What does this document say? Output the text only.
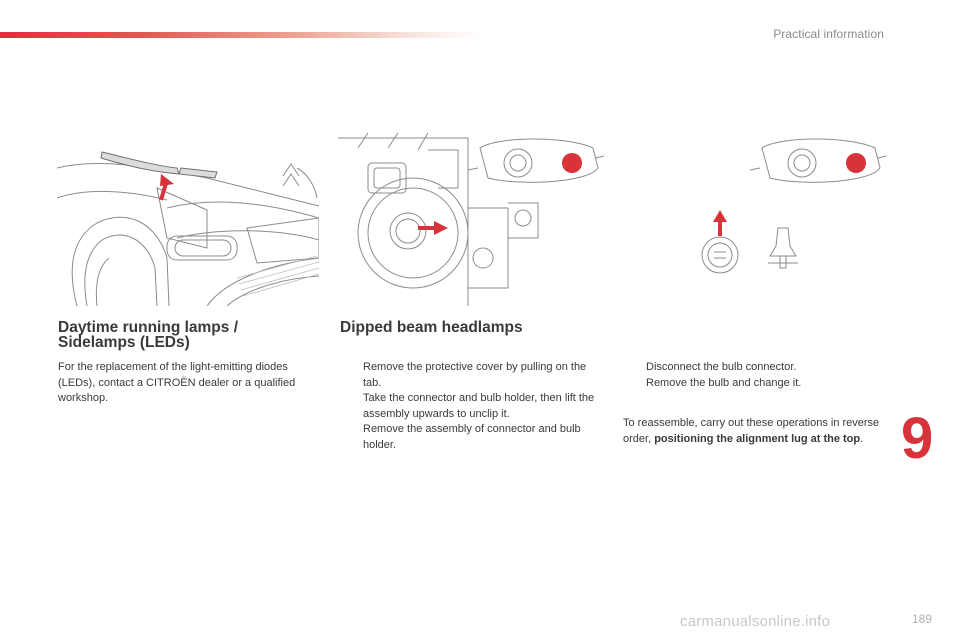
Practical information
Daytime running lamps /
Sidelamps (LEDs)

For the replacement of the light-emitting diodes (LEDs), contact a CITROËN dealer or a qualified workshop.

Dipped beam headlamps
Remove the protective cover by pulling on the tab.
Take the connector and bulb holder, then lift the assembly upwards to unclip it.
Remove the assembly of connector and bulb holder.
Disconnect the bulb connector.
Remove the bulb and change it.

To reassemble, carry out these operations in reverse order, positioning the alignment lug at the top. 9
carmanualsonline.info	189
